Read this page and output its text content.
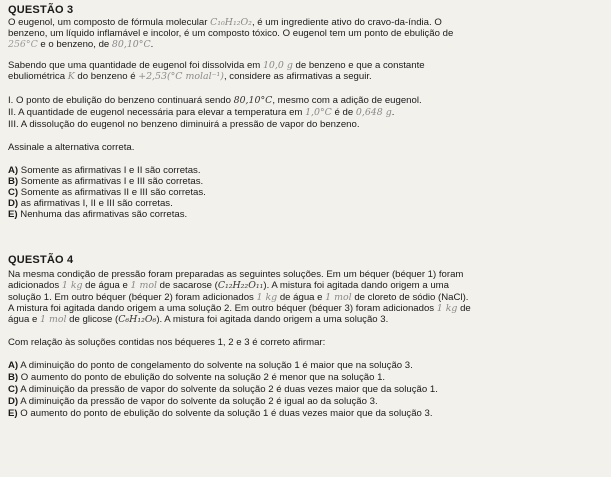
QUESTÃO 3
O eugenol, um composto de fórmula molecular C₁₀H₁₂O₂, é um ingrediente ativo do cravo-da-índia. O
benzeno, um líquido inflamável e incolor, é um composto tóxico. O eugenol tem um ponto de ebulição de
256°C e o benzeno, de 80,10°C.
Sabendo que uma quantidade de eugenol foi dissolvida em 10,0 g de benzeno e que a constante
ebuliométrica K do benzeno é +2,53(°C molal⁻¹), considere as afirmativas a seguir.
I. O ponto de ebulição do benzeno continuará sendo 80,10°C, mesmo com a adição de eugenol.
II. A quantidade de eugenol necessária para elevar a temperatura em 1,0°C é de 0,648 g.
III. A dissolução do eugenol no benzeno diminuirá a pressão de vapor do benzeno.
Assinale a alternativa correta.
A) Somente as afirmativas I e II são corretas.
B) Somente as afirmativas I e III são corretas.
C) Somente as afirmativas II e III são corretas.
D) as afirmativas I, II e III são corretas.
E) Nenhuma das afirmativas são corretas.
QUESTÃO 4
Na mesma condição de pressão foram preparadas as seguintes soluções. Em um béquer (béquer 1) foram
adicionados 1 kg de água e 1 mol de sacarose (C₁₂H₂₂O₁₁). A mistura foi agitada dando origem a uma
solução 1. Em outro béquer (béquer 2) foram adicionados 1 kg de água e 1 mol de cloreto de sódio (NaCl).
A mistura foi agitada dando origem a uma solução 2. Em outro béquer (béquer 3) foram adicionados 1 kg de
água e 1 mol de glicose (C₆H₁₂O₆). A mistura foi agitada dando origem a uma solução 3.
Com relação às soluções contidas nos béqueres 1, 2 e 3 é correto afirmar:
A) A diminuição do ponto de congelamento do solvente na solução 1 é maior que na solução 3.
B) O aumento do ponto de ebulição do solvente na solução 2 é menor que na solução 1.
C) A diminuição da pressão de vapor do solvente da solução 2 é duas vezes maior que da solução 1.
D) A diminuição da pressão de vapor do solvente da solução 2 é igual ao da solução 3.
E) O aumento do ponto de ebulição do solvente da solução 1 é duas vezes maior que da solução 3.
